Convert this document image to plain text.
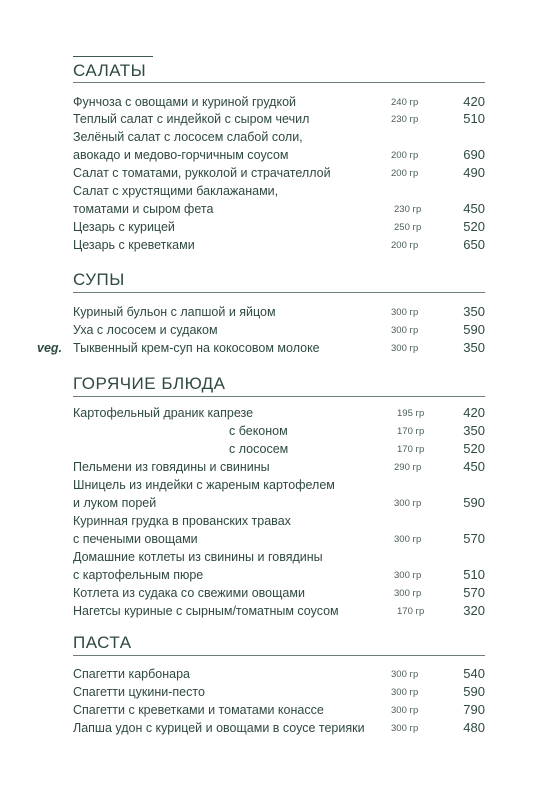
САЛАТЫ
Фунчоза с овощами и куриной грудкой	240 гр	420
Теплый салат с индейкой с сыром чечил	230 гр	510
Зелёный салат с лососем слабой соли,
авокадо и медово-горчичным соусом	200 гр	690
Салат с томатами, рукколой и страчателлой	200 гр	490
Салат с хрустящими баклажанами,
томатами и сыром фета	230 гр	450
Цезарь с курицей	250 гр	520
Цезарь с креветками	200 гр	650
СУПЫ
Куриный бульон с лапшой и яйцом	300 гр	350
Уха с лососем и судаком	300 гр	590
veg. Тыквенный крем-суп на кокосовом молоке	300 гр	350
ГОРЯЧИЕ БЛЮДА
Картофельный драник капрезе	195 гр	420
с беконом	170 гр	350
с лососем	170 гр	520
Пельмени из говядины и свинины	290 гр	450
Шницель из индейки с жареным картофелем
и луком порей	300 гр	590
Куринная грудка в прованских травах
с печеными овощами	300 гр	570
Домашние котлеты из свинины и говядины
с картофельным пюре	300 гр	510
Котлета из судака со свежими овощами	300 гр	570
Нагетсы куриные с сырным/томатным соусом	170 гр	320
ПАСТА
Спагетти карбонара	300 гр	540
Спагетти цукини-песто	300 гр	590
Спагетти с креветками и томатами конассе	300 гр	790
Лапша удон с курицей и овощами в соусе терияки	300 гр	480
